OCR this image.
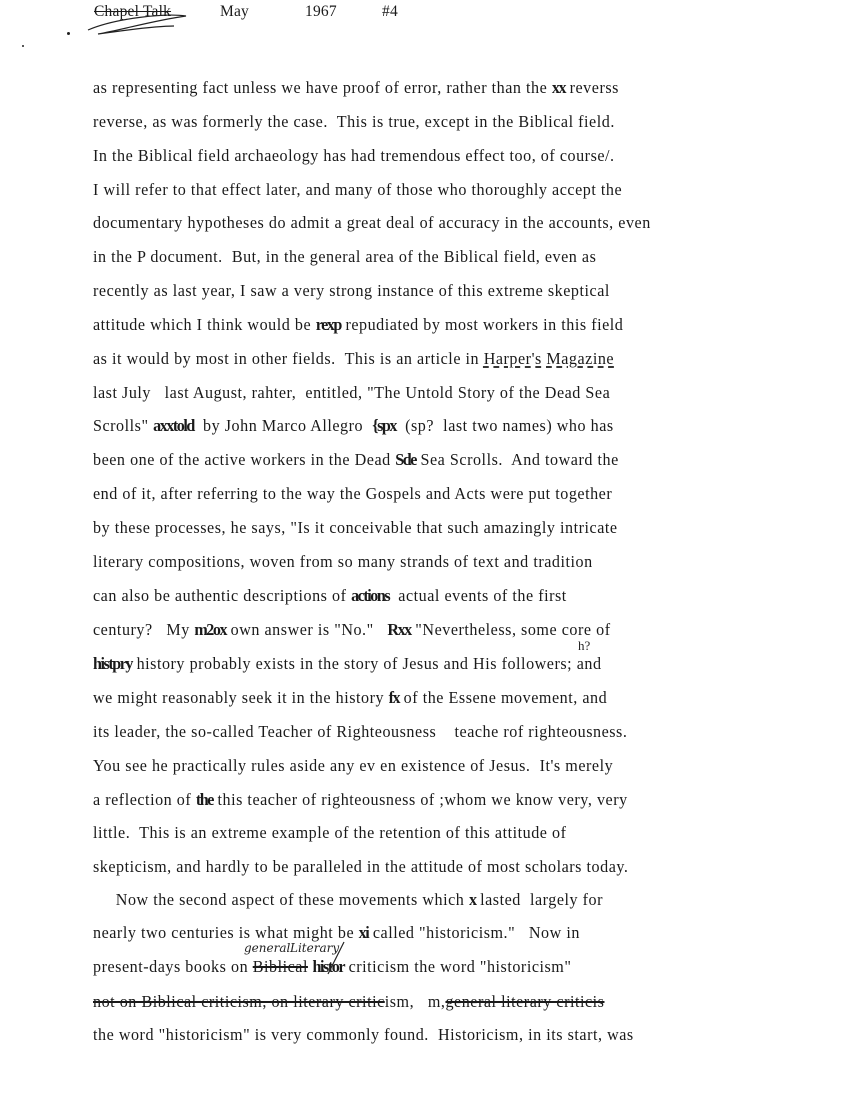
Chapel Talk	May	1967	#4
as representing fact unless we have proof of error, rather than the xx reverss
reverse, as was formerly the case.  This is true, except in the Biblical field.
In the Biblical field archaeology has had tremendous effect too, of course/.
I will refer to that effect later, and many of those who thoroughly accept the
documentary hypotheses do admit a great deal of accuracy in the accounts, even
in the P document.  But, in the general area of the Biblical field, even as
recently as last year, I saw a very strong instance of this extreme skeptical
attitude which I think would be rexp repudiated by most workers in this field
as it would by most in other fields.  This is an article in Harper's Magazine
last July   last August, rahter,  entitled, "The Untold Story of the Dead Sea
Scrolls" axxtold  by John Marco Allegro  {spx  (sp?  last two names) who has
been one of the active workers in the Dead Sde Sea Scrolls.  And toward the
end of it, after referring to the way the Gospels and Acts were put together
by these processes, he says, "Is it conceivable that such amazingly intricate
literary compositions, woven from so many strands of text and tradition
can also be authentic descriptions of actions  actual events of the first
century?   My m2ox own answer is "No."   Rxx "Nevertheless, some core of
histpry history probably exists in the story of Jesus and His followers; and
we might reasonably seek it in the history fx of the Essene movement, and
its leader, the so-called Teacher of Righteousness    teache rof righteousness.
You see he practically rules aside any ev en existence of Jesus.  It's merely
a reflection of the this teacher of righteousness of ;whom we know very, very
little.  This is an extreme example of the retention of this attitude of
skepticism, and hardly to be paralleled in the attitude of most scholars today.
Now the second aspect of these movements which x lasted  largely for
nearly two centuries is what might be xi called "historicism."   Now in
present-days books on Biblical histor criticism the word "historicism"
not on Biblical criticism, on literary criticism,   m,general literary criticis
the word "historicism" is very commonly found.  Historicism, in its start, was
h?
general Literary
